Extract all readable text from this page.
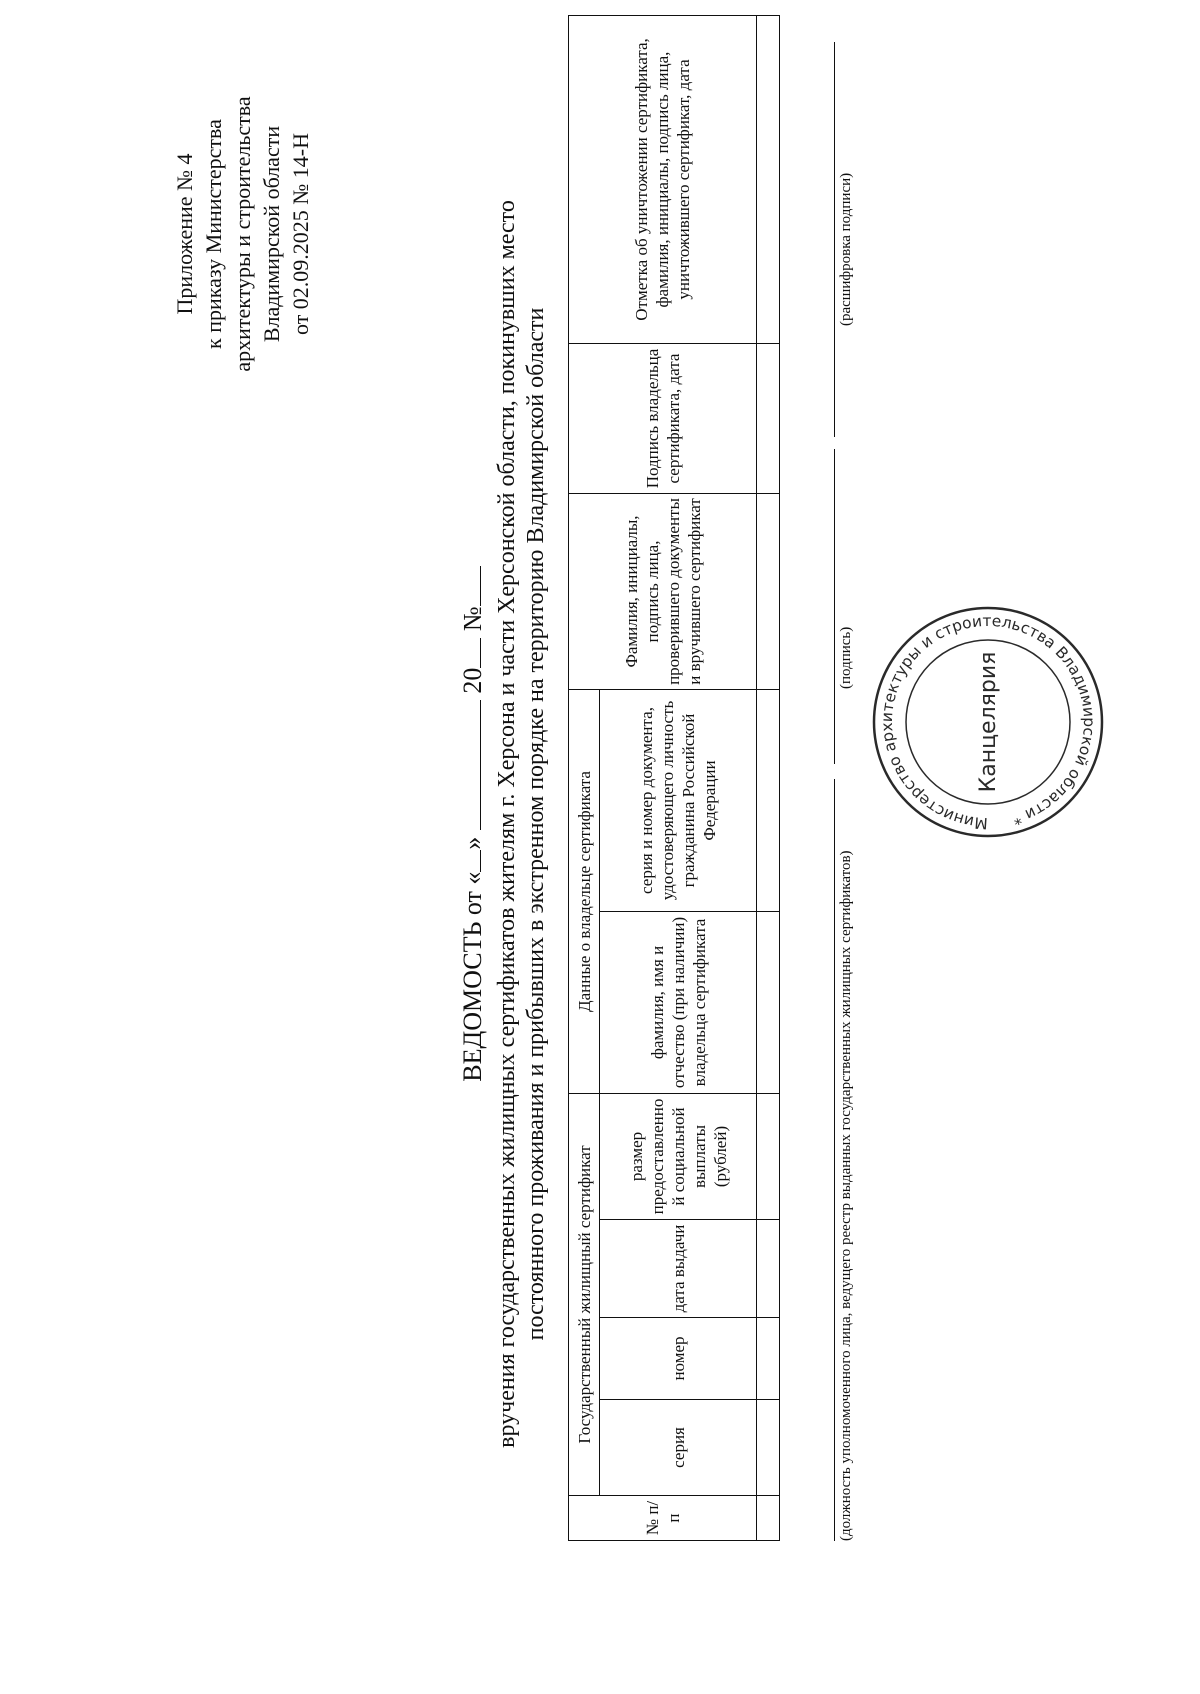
Приложение № 4 к приказу Министерства архитектуры и строительства Владимирской области от 02.09.2025 № 14-Н
ВЕДОМОСТЬ от «»  20 № вручения государственных жилищных сертификатов жителям г. Херсона и части Херсонской области, покинувших место постоянного проживания и прибывших в экстренном порядке на территорию Владимирской области
№ п/п	Государственный жилищный сертификат				Данные о владельце сертификата		Фамилия, инициалы, подпись лица, проверившего документы и вручившего сертификат	Подпись владельца сертификата, дата	Отметка об уничтожении сертификата, фамилия, инициалы, подпись лица, уничтожившего сертификат, дата
	серия	номер	дата выдачи	размер предоставленно й социальной выплаты (рублей)	фамилия, имя и отчество (при наличии) владельца сертификата	серия и номер документа, удостоверяющего личность гражданина Российской Федерации			

(должность уполномоченного лица, ведущего реестр выданных государственных жилищных сертификатов)
(подпись)
(расшифровка подписи)
Министерство архитектуры и строительства Владимирской области *
Канцелярия
